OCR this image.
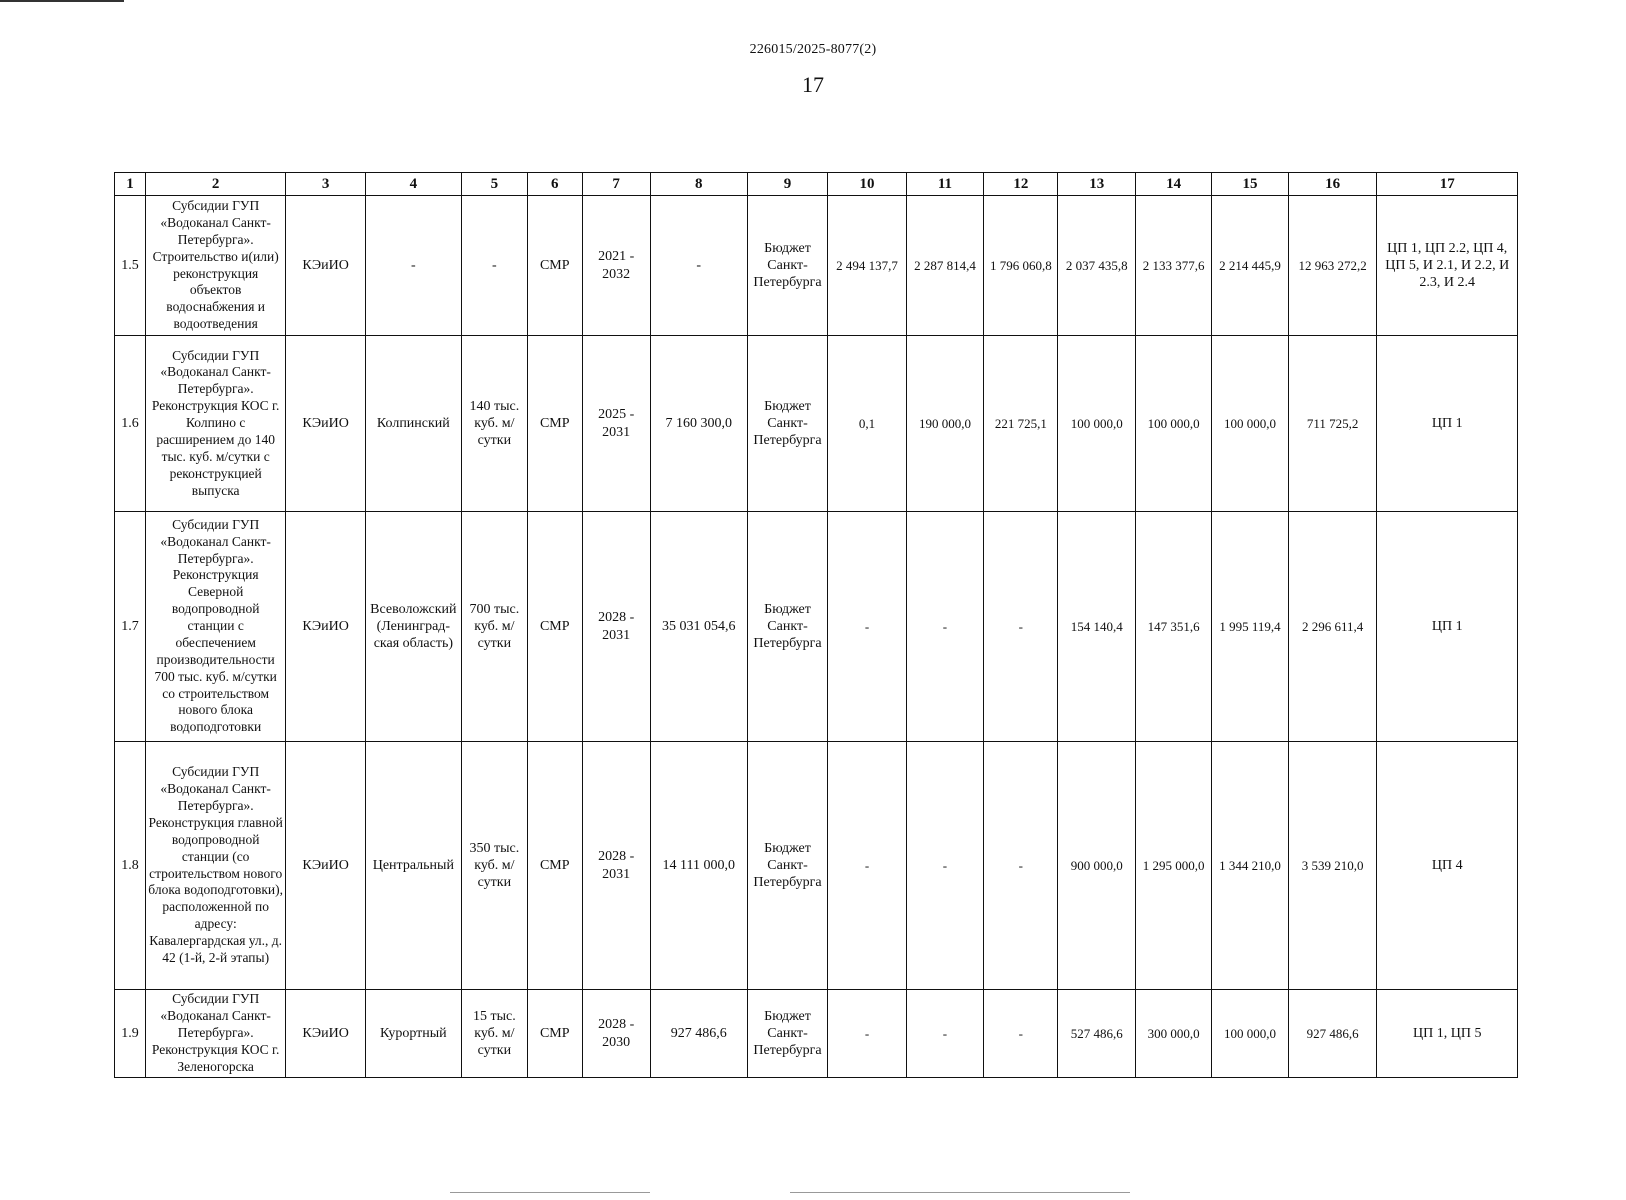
226015/2025-8077(2)
17
1	2	3	4	5	6	7	8	9	10	11	12	13	14	15	16	17
1.5	Субсидии ГУП «Водоканал Санкт-Петербурга». Строительство и(или) реконструкция объектов водоснабжения и водоотведения	КЭиИО	-	-	СМР	2021 - 2032	-	Бюджет Санкт-Петербурга	2 494 137,7	2 287 814,4	1 796 060,8	2 037 435,8	2 133 377,6	2 214 445,9	12 963 272,2	ЦП 1, ЦП 2.2, ЦП 4, ЦП 5, И 2.1, И 2.2, И 2.3, И 2.4
1.6	Субсидии ГУП «Водоканал Санкт-Петербурга». Реконструкция КОС г. Колпино с расширением до 140 тыс. куб. м/сутки с реконструкцией выпуска	КЭиИО	Колпинский	140 тыс. куб. м/сутки	СМР	2025 - 2031	7 160 300,0	Бюджет Санкт-Петербурга	0,1	190 000,0	221 725,1	100 000,0	100 000,0	100 000,0	711 725,2	ЦП 1
1.7	Субсидии ГУП «Водоканал Санкт-Петербурга». Реконструкция Северной водопроводной станции с обеспечением производительности 700 тыс. куб. м/сутки со строительством нового блока водоподготовки	КЭиИО	Всеволожский (Ленинград-ская область)	700 тыс. куб. м/сутки	СМР	2028 - 2031	35 031 054,6	Бюджет Санкт-Петербурга	-	-	-	154 140,4	147 351,6	1 995 119,4	2 296 611,4	ЦП 1
1.8	Субсидии ГУП «Водоканал Санкт-Петербурга». Реконструкция главной водопроводной станции (со строительством нового блока водоподготовки), расположенной по адресу: Кавалергардская ул., д. 42 (1-й, 2-й этапы)	КЭиИО	Центральный	350 тыс. куб. м/сутки	СМР	2028 - 2031	14 111 000,0	Бюджет Санкт-Петербурга	-	-	-	900 000,0	1 295 000,0	1 344 210,0	3 539 210,0	ЦП 4
1.9	Субсидии ГУП «Водоканал Санкт-Петербурга». Реконструкция КОС г. Зеленогорска	КЭиИО	Курортный	15 тыс. куб. м/сутки	СМР	2028 - 2030	927 486,6	Бюджет Санкт-Петербурга	-	-	-	527 486,6	300 000,0	100 000,0	927 486,6	ЦП 1, ЦП 5
